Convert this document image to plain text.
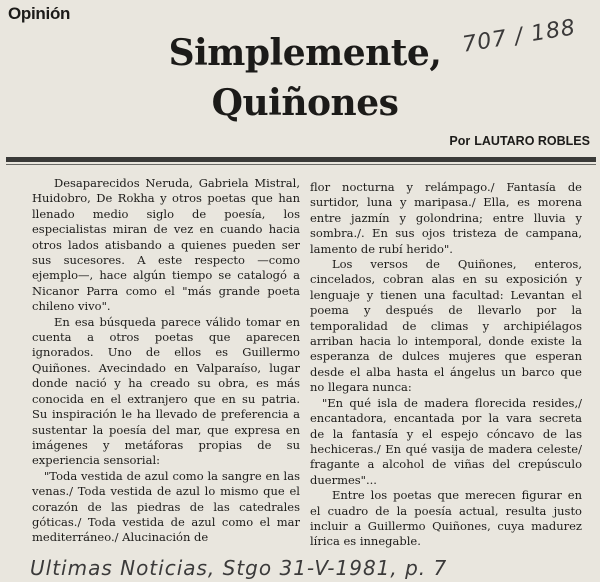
Opinión
Simplemente,
Quiñones
707 / 188
Por LAUTARO ROBLES

Desaparecidos Neruda, Gabriela Mistral, Huidobro, De Rokha y otros poetas que han llenado medio siglo de poesía, los especialistas miran de vez en cuando hacia otros lados atisbando a quienes pueden ser sus sucesores. A este respecto —como ejemplo—, hace algún tiempo se catalogó a Nicanor Parra como el "más grande poeta chileno vivo".

En esa búsqueda parece válido tomar en cuenta a otros poetas que aparecen ignorados. Uno de ellos es Guillermo Quiñones. Avecindado en Valparaíso, lugar donde nació y ha creado su obra, es más conocida en el extranjero que en su patria. Su inspiración le ha llevado de preferencia a sustentar la poesía del mar, que expresa en imágenes y metáforas propias de su experiencia sensorial:

"Toda vestida de azul como la sangre en las venas./ Toda vestida de azul lo mismo que el corazón de las piedras de las catedrales góticas./ Toda vestida de azul como el mar mediterráneo./ Alucinación de

flor nocturna y relámpago./ Fantasía de surtidor, luna y maripasa./ Ella, es morena entre jazmín y golondrina; entre lluvia y sombra./. En sus ojos tristeza de campana, lamento de rubí herido".

Los versos de Quiñones, enteros, cincelados, cobran alas en su exposición y lenguaje y tienen una facultad: Levantan el poema y después de llevarlo por la temporalidad de climas y archipiélagos arriban hacia lo intemporal, donde existe la esperanza de dulces mujeres que esperan desde el alba hasta el ángelus un barco que no llegara nunca:

"En qué isla de madera florecida resides,/ encantadora, encantada por la vara secreta de la fantasía y el espejo cóncavo de las hechiceras./ En qué vasija de madera celeste/ fragante a alcohol de viñas del crepúsculo duermes"...

Entre los poetas que merecen figurar en el cuadro de la poesía actual, resulta justo incluir a Guillermo Quiñones, cuya madurez lírica es innegable.

Ultimas Noticias, Stgo 31-V-1981, p. 7
